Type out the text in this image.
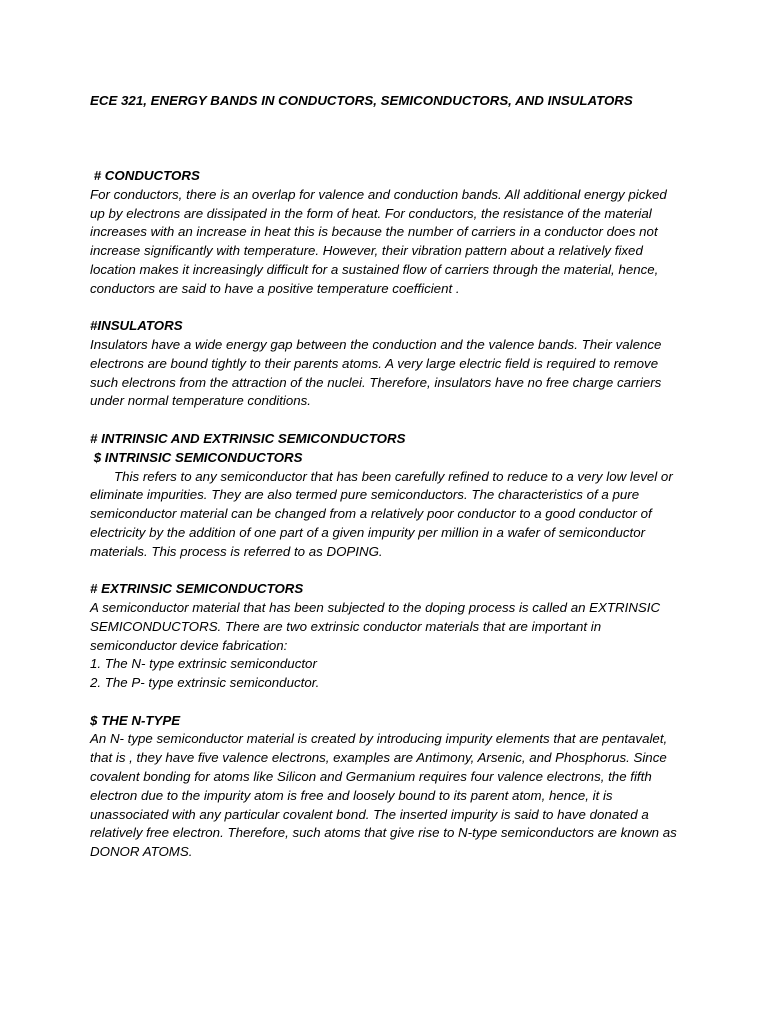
ECE 321, ENERGY BANDS IN CONDUCTORS, SEMICONDUCTORS, AND INSULATORS
# CONDUCTORS

For conductors, there is an overlap for valence and conduction bands. All additional energy picked up by electrons are dissipated in the form of heat. For conductors, the resistance of the material increases with an increase in heat this is because the number of carriers in a conductor does not increase significantly with temperature. However, their vibration pattern about a relatively fixed location makes it increasingly difficult for a sustained flow of carriers through the material, hence, conductors are said to have a positive temperature coefficient .

#INSULATORS

Insulators have a wide energy gap between the conduction and the valence bands. Their valence electrons are bound tightly to their parents atoms. A very large electric field is required to remove such electrons from the attraction of the nuclei. Therefore, insulators have no free charge carriers under normal temperature conditions.

# INTRINSIC AND EXTRINSIC SEMICONDUCTORS
$ INTRINSIC SEMICONDUCTORS

This refers to any semiconductor that has been carefully refined to reduce to a very low level or eliminate impurities. They are also termed pure semiconductors. The characteristics of a pure semiconductor material can be changed from a relatively poor conductor to a good conductor of electricity by the addition of one part of a given impurity per million in a wafer of semiconductor materials. This process is referred to as DOPING.

# EXTRINSIC SEMICONDUCTORS

A semiconductor material that has been subjected to the doping process is called an EXTRINSIC SEMICONDUCTORS. There are two extrinsic conductor materials that are important in semiconductor device fabrication:

1. The N- type extrinsic semiconductor
2. The P- type extrinsic semiconductor.
$ THE N-TYPE

An N- type semiconductor material is created by introducing impurity elements that are pentavalet, that is , they have five valence electrons, examples are Antimony, Arsenic, and Phosphorus. Since covalent bonding for atoms like Silicon and Germanium requires four valence electrons, the fifth electron due to the impurity atom is free and loosely bound to its parent atom, hence, it is unassociated with any particular covalent bond. The inserted impurity is said to have donated a relatively free electron. Therefore, such atoms that give rise to N-type semiconductors are known as DONOR ATOMS.
